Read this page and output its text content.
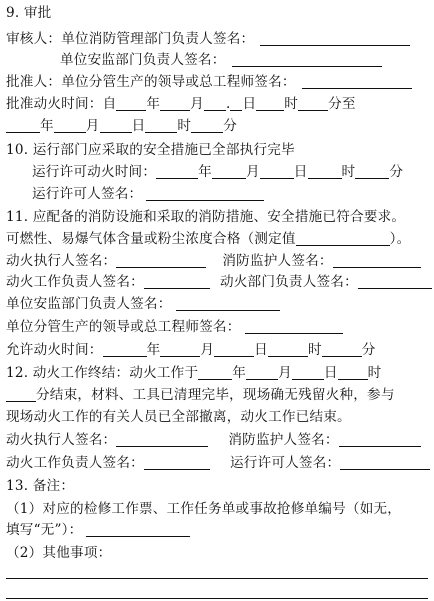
9. 审批
审核人：单位消防管理部门负责人签名：
单位安监部门负责人签名：
批准人：单位分管生产的领导或总工程师签名：
批准动火时间：自 年 月 . 日 时 分至
年 月 日 时 分
10. 运行部门应采取的安全措施已全部执行完毕
运行许可动火时间：	年	月	日	时	分
运行许可人签名：
11. 应配备的消防设施和采取的消防措施、安全措施已符合要求。
可燃性、易爆气体含量或粉尘浓度合格（测定值	）。
动火执行人签名：	消防监护人签名：
动火工作负责人签名：	动火部门负责人签名：
单位安监部门负责人签名：
单位分管生产的领导或总工程师签名：
允许动火时间：	年	月	日	时	分
12. 动火工作终结：动火工作于	年 月 日 时
分结束，材料、工具已清理完毕，现场确无残留火种，参与
现场动火工作的有关人员已全部撤离，动火工作已结束。
动火执行人签名：	消防监护人签名：
动火工作负责人签名：	运行许可人签名：
13. 备注：
（1）对应的检修工作票、工作任务单或事故抢修单编号（如无，
填写“无”）：
（2）其他事项：
